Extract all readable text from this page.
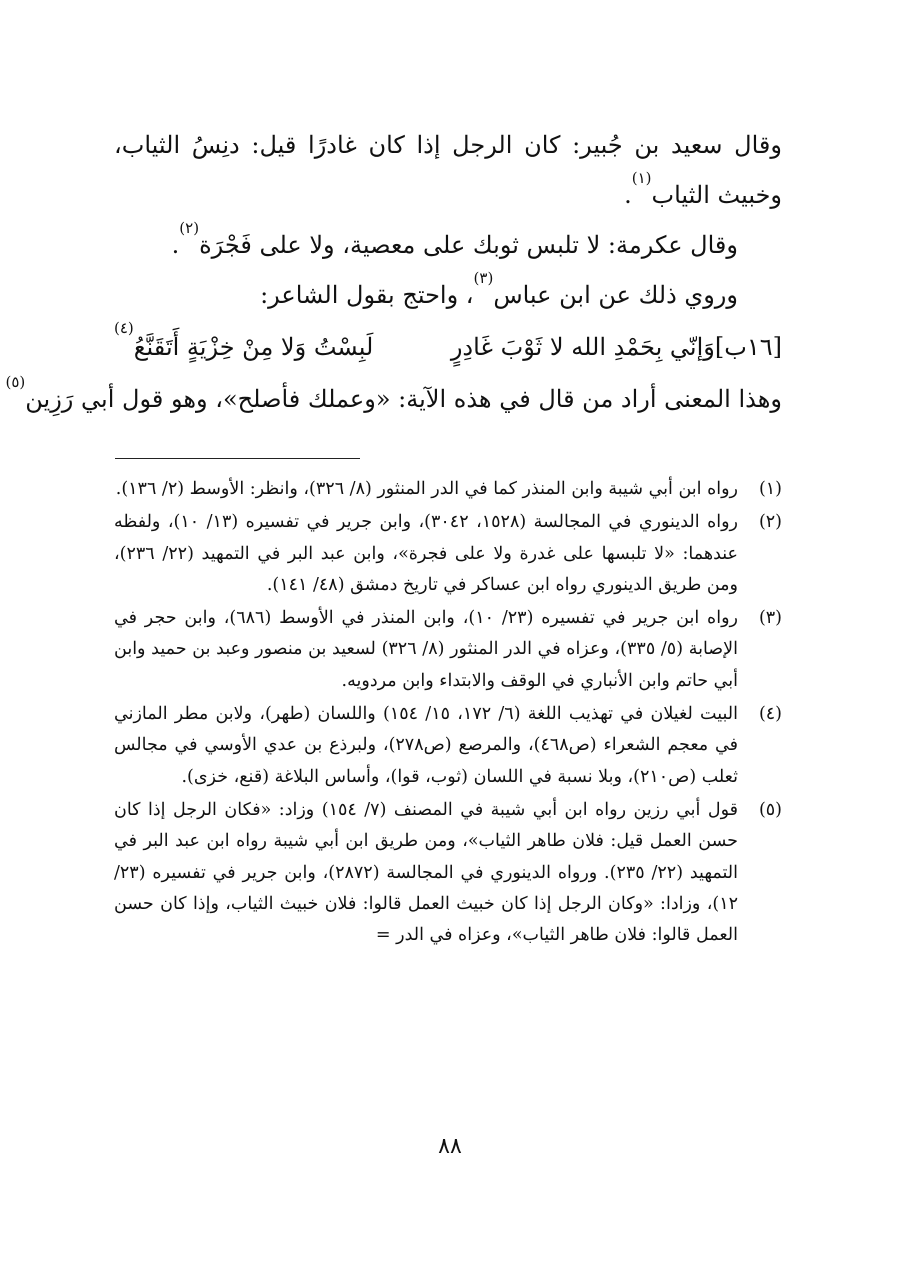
وقال سعيد بن جُبير: كان الرجل إذا كان غادرًا قيل: دنِسُ الثياب،
وخبيث الثياب$^{(١)}$.
وقال عكرمة: لا تلبس ثوبك على معصية، ولا على فَجْرَة$^{(٢)}$.
وروي ذلك عن ابن عباس$^{(٣)}$، واحتج بقول الشاعر:
[١٦ب]وَإنّي بِحَمْدِ الله لا ثَوْبَ غَادِرٍ
لَبِسْتُ وَلا مِنْ خِزْيَةٍ أَتَقَنَّعُ$^{(٤)}$
وهذا المعنى أراد من قال في هذه الآية: «وعملك فأصلح»، وهو قول أبي رَزِين$^{(٥)}$
(١)
رواه ابن أبي شيبة وابن المنذر كما في الدر المنثور (٨/ ٣٢٦)، وانظر: الأوسط (٢/ ١٣٦).
(٢)
رواه الدينوري في المجالسة (١٥٢٨، ٣٠٤٢)، وابن جرير في تفسيره (١٣/ ١٠)، ولفظه عندهما: «لا تلبسها على غدرة ولا على فجرة»، وابن عبد البر في التمهيد (٢٢/ ٢٣٦)، ومن طريق الدينوري رواه ابن عساكر في تاريخ دمشق (٤٨/ ١٤١).
(٣)
رواه ابن جرير في تفسيره (٢٣/ ١٠)، وابن المنذر في الأوسط (٦٨٦)، وابن حجر في الإصابة (٥/ ٣٣٥)، وعزاه في الدر المنثور (٨/ ٣٢٦) لسعيد بن منصور وعبد بن حميد وابن أبي حاتم وابن الأنباري في الوقف والابتداء وابن مردويه.
(٤)
البيت لغيلان في تهذيب اللغة (٦/ ١٧٢، ١٥/ ١٥٤) واللسان (طهر)، ولابن مطر المازني في معجم الشعراء (ص٤٦٨)، والمرصع (ص٢٧٨)، ولبرذع بن عدي الأوسي في مجالس ثعلب (ص٢١٠)، وبلا نسبة في اللسان (ثوب، قوا)، وأساس البلاغة (قنع، خزى).
(٥)
قول أبي رزين رواه ابن أبي شيبة في المصنف (٧/ ١٥٤) وزاد: «فكان الرجل إذا كان حسن العمل قيل: فلان طاهر الثياب»، ومن طريق ابن أبي شيبة رواه ابن عبد البر في التمهيد (٢٢/ ٢٣٥). ورواه الدينوري في المجالسة (٢٨٧٢)، وابن جرير في تفسيره (٢٣/ ١٢)، وزادا: «وكان الرجل إذا كان خبيث العمل قالوا: فلان خبيث الثياب، وإذا كان حسن العمل قالوا: فلان طاهر الثياب»، وعزاه في الدر =
٨٨
